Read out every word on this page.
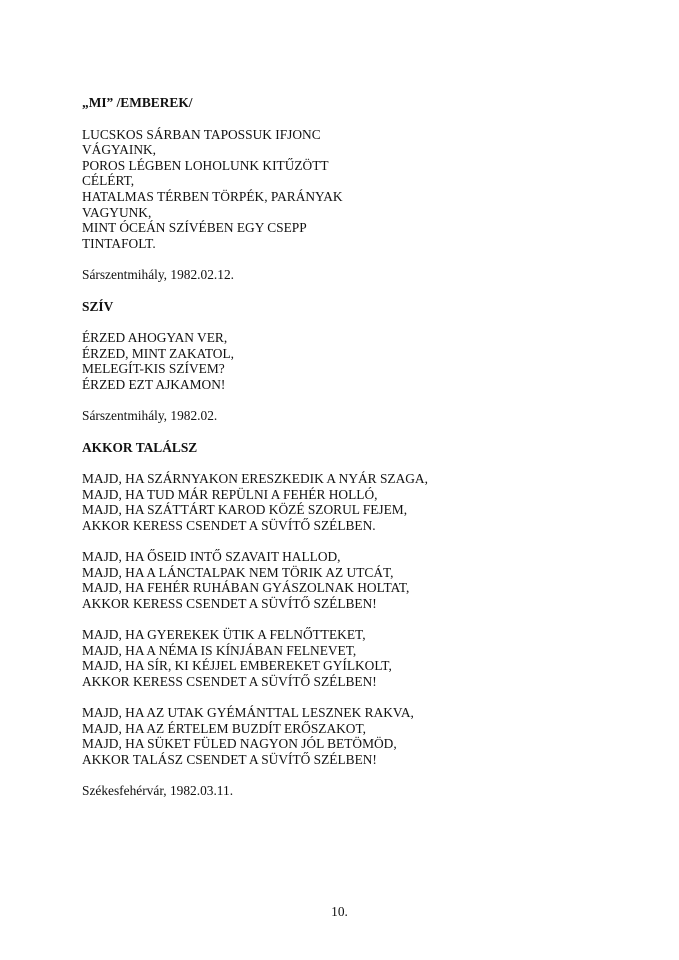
„MI” /EMBEREK/

LUCSKOS SÁRBAN TAPOSSUK IFJONC
VÁGYAINK,
POROS LÉGBEN LOHOLUNK KITŰZÖTT
CÉLÉRT,
HATALMAS TÉRBEN TÖRPÉK, PARÁNYAK
VAGYUNK,
MINT ÓCEÁN SZÍVÉBEN EGY CSEPP
TINTAFOLT.

Sárszentmihály, 1982.02.12.

SZÍV

ÉRZED AHOGYAN VER,
ÉRZED, MINT ZAKATOL,
MELEGÍT-KIS SZÍVEM?
ÉRZED EZT AJKAMON!

Sárszentmihály, 1982.02.

AKKOR TALÁLSZ

MAJD, HA SZÁRNYAKON ERESZKEDIK A NYÁR SZAGA,
MAJD, HA TUD MÁR REPÜLNI A FEHÉR HOLLÓ,
MAJD, HA SZÁTTÁRT KAROD KÖZÉ SZORUL FEJEM,
AKKOR KERESS CSENDET A SÜVÍTŐ SZÉLBEN.

MAJD, HA ŐSEID INTŐ SZAVAIT HALLOD,
MAJD, HA A LÁNCTALPAK NEM TÖRIK AZ UTCÁT,
MAJD, HA FEHÉR RUHÁBAN GYÁSZOLNAK HOLTAT,
AKKOR KERESS CSENDET A SÜVÍTŐ SZÉLBEN!

MAJD, HA GYEREKEK ÜTIK A FELNŐTTEKET,
MAJD, HA A NÉMA IS KÍNJÁBAN FELNEVET,
MAJD, HA SÍR, KI KÉJJEL EMBEREKET GYÍLKOLT,
AKKOR KERESS CSENDET A SÜVÍTŐ SZÉLBEN!

MAJD, HA AZ UTAK GYÉMÁNTTAL LESZNEK RAKVA,
MAJD, HA AZ ÉRTELEM BUZDÍT ERŐSZAKOT,
MAJD, HA SÜKET FÜLED NAGYON JÓL BETÖMÖD,
AKKOR TALÁSZ CSENDET A SÜVÍTŐ SZÉLBEN!

Székesfehérvár, 1982.03.11.

10.
